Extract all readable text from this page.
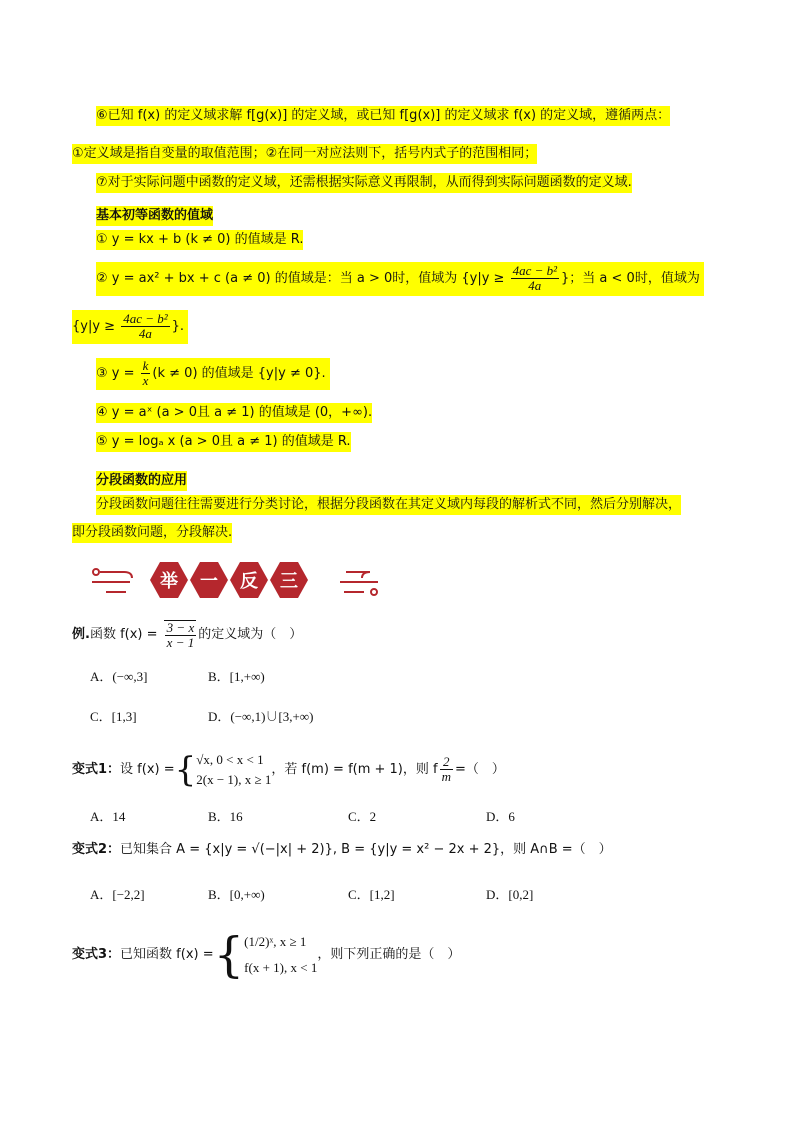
⑥已知 f(x) 的定义域求解 f[g(x)] 的定义域，或已知 f[g(x)] 的定义域求 f(x) 的定义域，遵循两点：
①定义域是指自变量的取值范围；②在同一对应法则下，括号内式子的范围相同；
⑦对于实际问题中函数的定义域，还需根据实际意义再限制，从而得到实际问题函数的定义域.
基本初等函数的值域
① y = kx + b (k ≠ 0) 的值域是 R.
② y = ax² + bx + c (a ≠ 0) 的值域是：当 a > 0时，值域为 {$y|y \ge \frac{\text{4ac − b²}}{4a}$ }；当 a < 0时，值域为
{$y|y \ge \frac{\text{4ac − b²}}{4a}$ }.
③ $y = \frac{k}{x} (k \ne 0)$ 的值域是 {y|y ≠ 0}.
④ y = aˣ (a > 0且 a ≠ 1) 的值域是 (0，+∞).
⑤ y = logₐ x (a > 0且 a ≠ 1) 的值域是 R.
分段函数的应用
分段函数问题往往需要进行分类讨论，根据分段函数在其定义域内每段的解析式不同，然后分别解决，
即分段函数问题，分段解决.
举 一 反 三
例.函数 $f(x) = \frac{3 - x}{x - 1}$ 的定义域为（　）
A．(−∞,3]	B．[1,+∞)
C．[1,3]	D．(−∞,1)∪[3,+∞)
变式1：设 f(x) ={ √x, 0 < x < 1
2(x − 1), x ≥ 1
，若 f(m) = f(m + 1)，则 f $\frac{2}{m}$ =（　）
A．14	B．16	C．2	D．6
变式2：已知集合 A = {x|y = √(−|x| + 2)}, B = {y|y = x² − 2x + 2}，则 A∩B =（　）
A．[−2,2]	B．[0,+∞)	C．[1,2]	D．[0,2]
变式3：已知函数 f(x) ={ (1/2)ˣ, x ≥ 1
f(x + 1), x < 1
，则下列正确的是（　）
